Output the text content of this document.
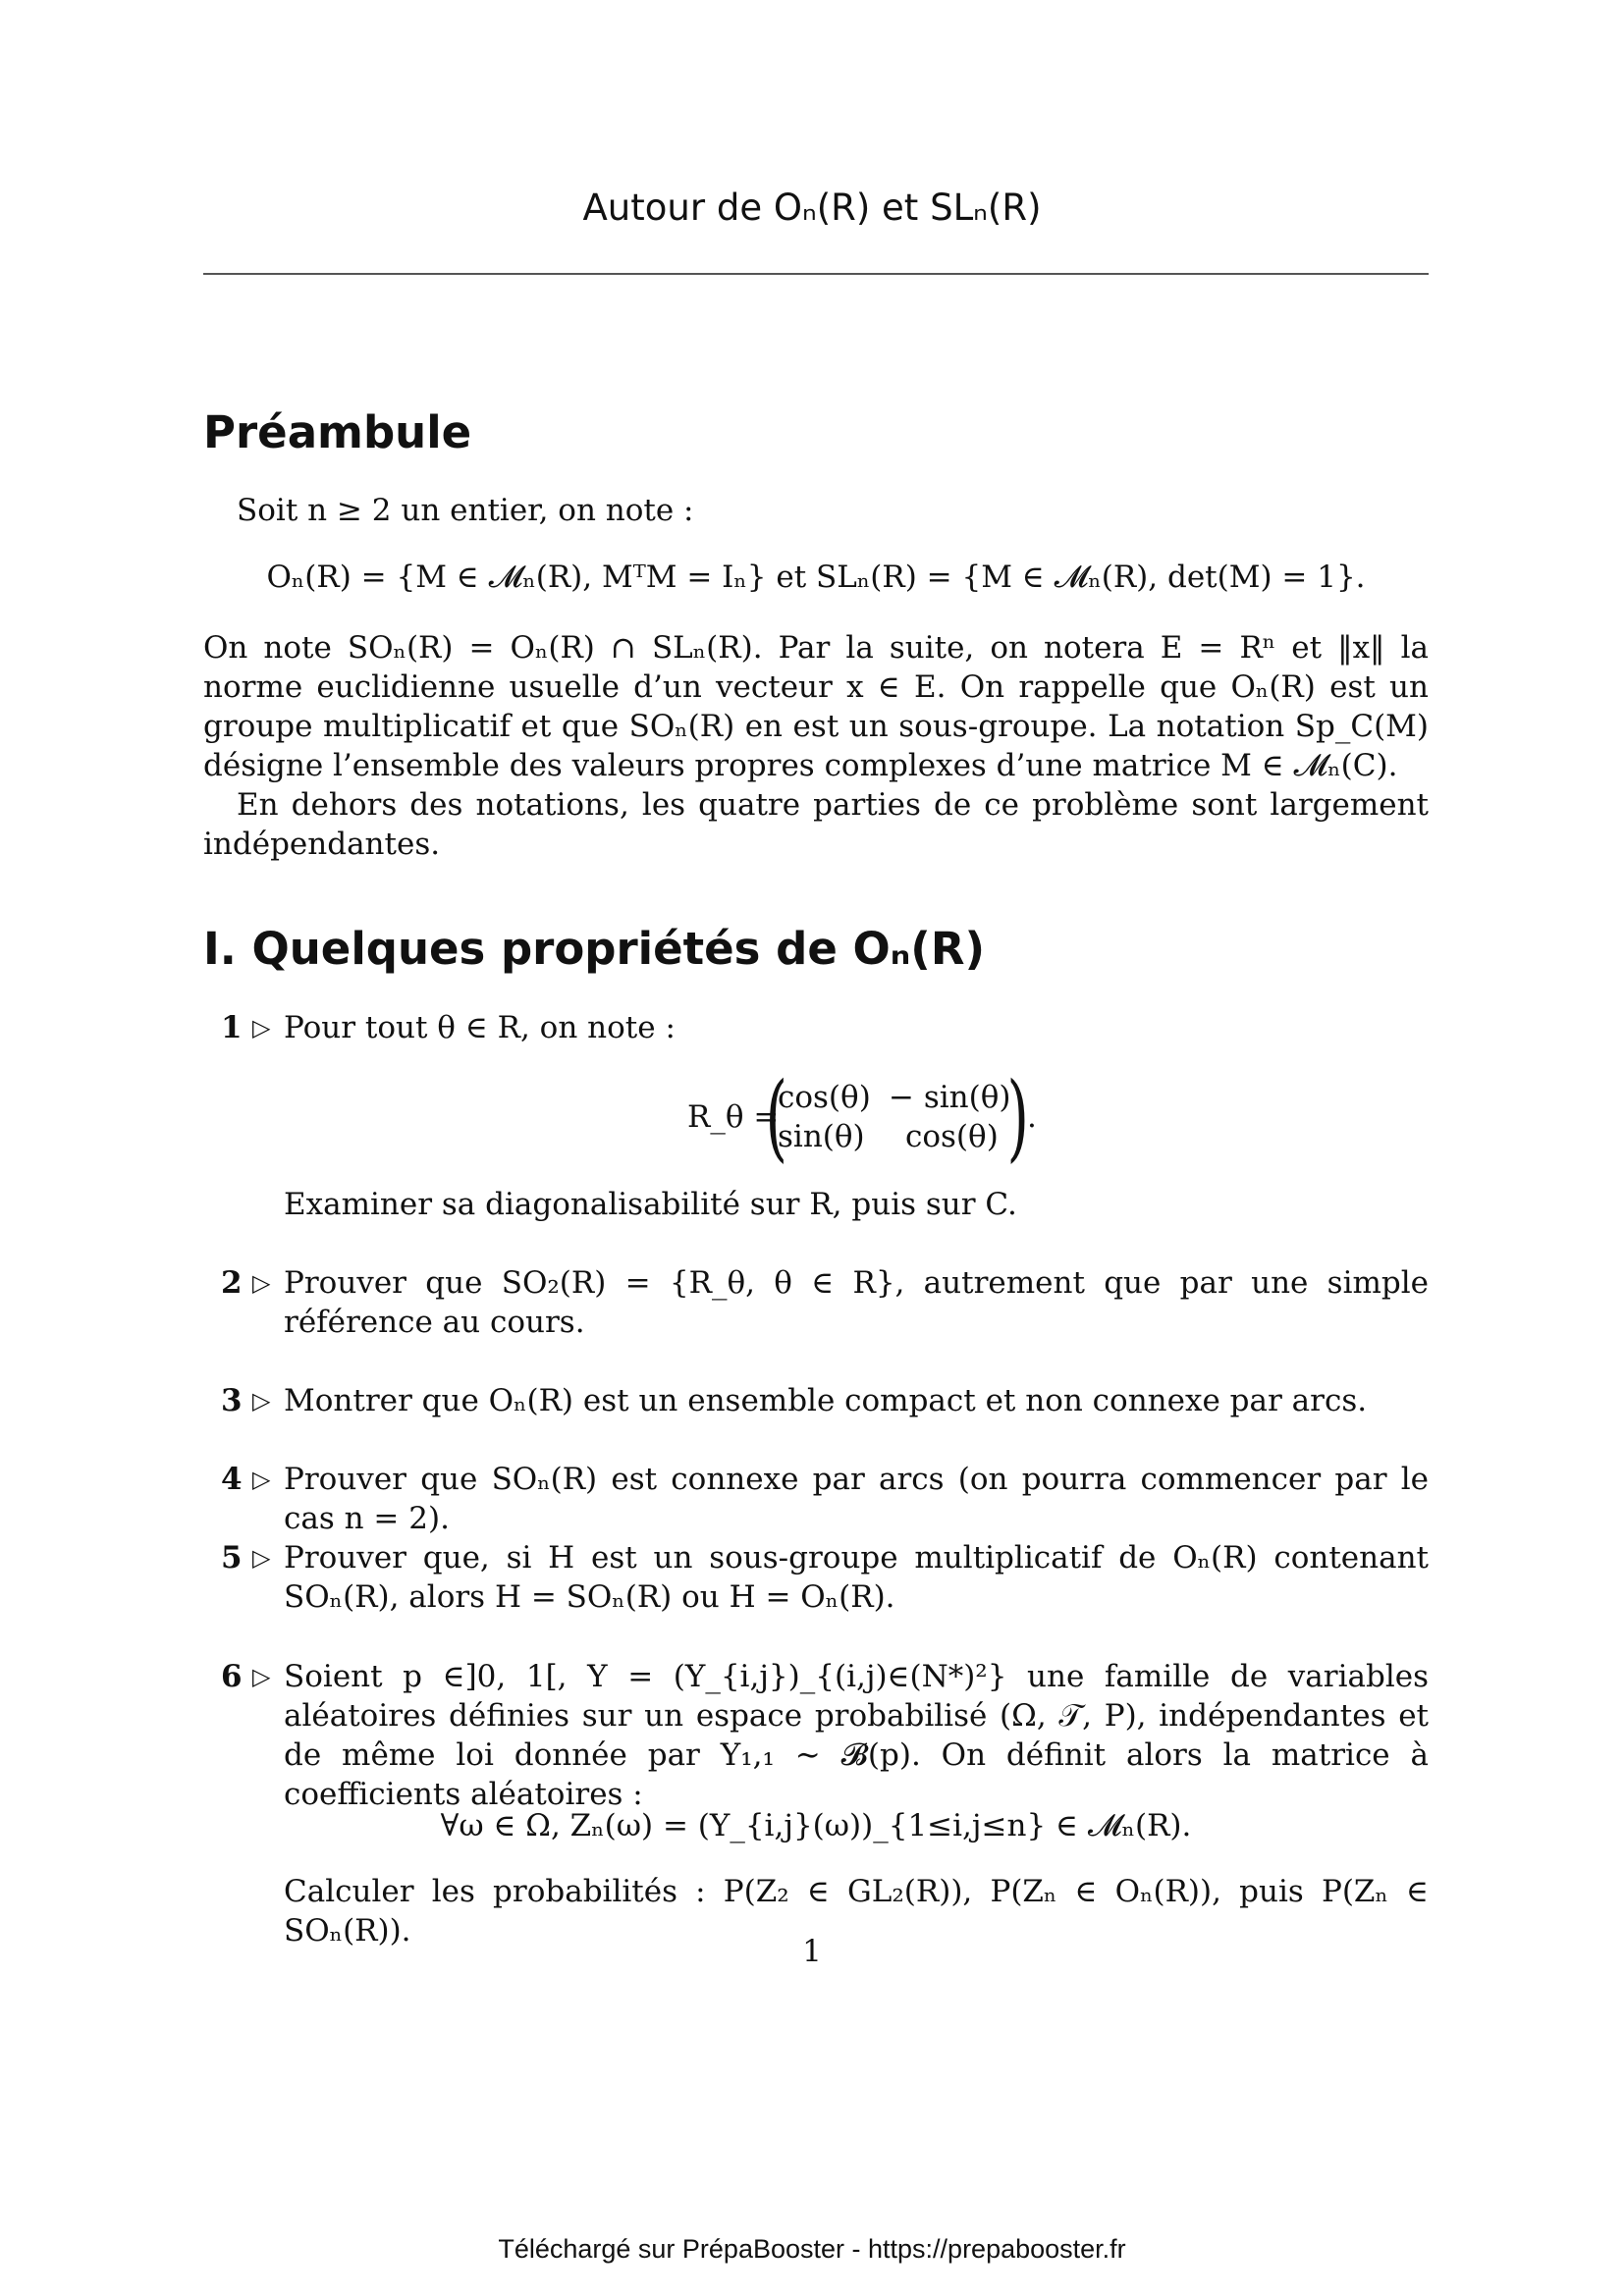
Autour de Oₙ(R) et SLₙ(R)
Préambule

Soit n ≥ 2 un entier, on note :

Oₙ(R) = {M ∈ 𝓜ₙ(R), MᵀM = Iₙ} et SLₙ(R) = {M ∈ 𝓜ₙ(R), det(M) = 1}.

On note SOₙ(R) = Oₙ(R) ∩ SLₙ(R). Par la suite, on notera E = Rⁿ et ‖x‖ la norme euclidienne usuelle d’un vecteur x ∈ E. On rappelle que Oₙ(R) est un groupe multiplicatif et que SOₙ(R) en est un sous-groupe. La notation Sp_C(M) désigne l’ensemble des valeurs propres complexes d’une matrice M ∈ 𝓜ₙ(C).

En dehors des notations, les quatre parties de ce problème sont largement indépendantes.

I. Quelques propriétés de Oₙ(R)
1 ▷ Pour tout θ ∈ R, on note :
R_θ =
(
cos(θ) − sin(θ)
sin(θ) cos(θ) )
.
Examiner sa diagonalisabilité sur R, puis sur C.
2 ▷ Prouver que SO₂(R) = {R_θ, θ ∈ R}, autrement que par une simple référence au cours.
3 ▷ Montrer que Oₙ(R) est un ensemble compact et non connexe par arcs.
4 ▷ Prouver que SOₙ(R) est connexe par arcs (on pourra commencer par le cas n = 2).
5 ▷ Prouver que, si H est un sous-groupe multiplicatif de Oₙ(R) contenant SOₙ(R), alors H = SOₙ(R) ou H = Oₙ(R).
6 ▷ Soient p ∈]0, 1[, Y = (Y_{i,j})_{(i,j)∈(N*)²} une famille de variables aléatoires définies sur un espace probabilisé (Ω, 𝒯, P), indépendantes et de même loi donnée par Y₁,₁ ∼ 𝓑(p). On définit alors la matrice à coefficients aléatoires :

∀ω ∈ Ω, Zₙ(ω) = (Y_{i,j}(ω))_{1≤i,j≤n} ∈ 𝓜ₙ(R).

Calculer les probabilités : P(Z₂ ∈ GL₂(R)), P(Zₙ ∈ Oₙ(R)), puis P(Zₙ ∈ SOₙ(R)).
1
Téléchargé sur PrépaBooster - https://prepabooster.fr
